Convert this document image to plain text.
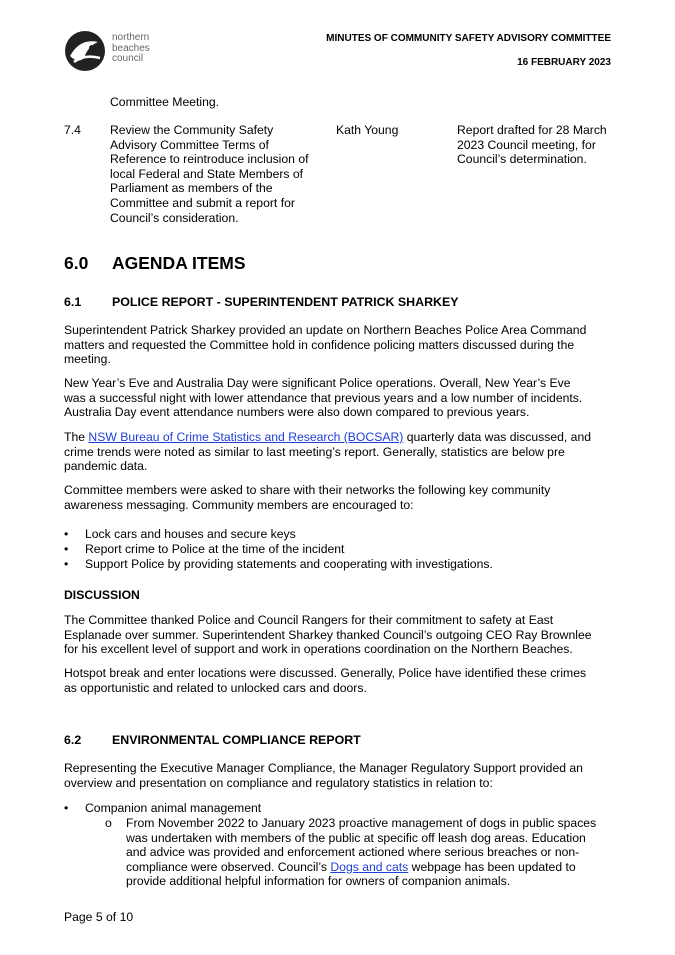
northern
beaches
council
MINUTES OF COMMUNITY SAFETY ADVISORY COMMITTEE
16 FEBRUARY 2023
Committee Meeting.
7.4 Review the Community Safety
Advisory Committee Terms of
Reference to reintroduce inclusion of
local Federal and State Members of
Parliament as members of the
Committee and submit a report for
Council’s consideration.
Kath Young	Report drafted for 28 March
2023 Council meeting, for
Council’s determination.
6.0 AGENDA ITEMS
6.1 POLICE REPORT - SUPERINTENDENT PATRICK SHARKEY
Superintendent Patrick Sharkey provided an update on Northern Beaches Police Area Command
matters and requested the Committee hold in confidence policing matters discussed during the
meeting.
New Year’s Eve and Australia Day were significant Police operations. Overall, New Year’s Eve
was a successful night with lower attendance that previous years and a low number of incidents.
Australia Day event attendance numbers were also down compared to previous years.
The NSW Bureau of Crime Statistics and Research (BOCSAR) quarterly data was discussed, and
crime trends were noted as similar to last meeting’s report. Generally, statistics are below pre
pandemic data.
Committee members were asked to share with their networks the following key community
awareness messaging. Community members are encouraged to:
• Lock cars and houses and secure keys
• Report crime to Police at the time of the incident
• Support Police by providing statements and cooperating with investigations.
DISCUSSION
The Committee thanked Police and Council Rangers for their commitment to safety at East
Esplanade over summer. Superintendent Sharkey thanked Council’s outgoing CEO Ray Brownlee
for his excellent level of support and work in operations coordination on the Northern Beaches.
Hotspot break and enter locations were discussed. Generally, Police have identified these crimes
as opportunistic and related to unlocked cars and doors.
6.2 ENVIRONMENTAL COMPLIANCE REPORT
Representing the Executive Manager Compliance, the Manager Regulatory Support provided an
overview and presentation on compliance and regulatory statistics in relation to:
• Companion animal management
o From November 2022 to January 2023 proactive management of dogs in public spaces
was undertaken with members of the public at specific off leash dog areas. Education
and advice was provided and enforcement actioned where serious breaches or non-
compliance were observed. Council’s Dogs and cats webpage has been updated to
provide additional helpful information for owners of companion animals.
Page 5 of 10
